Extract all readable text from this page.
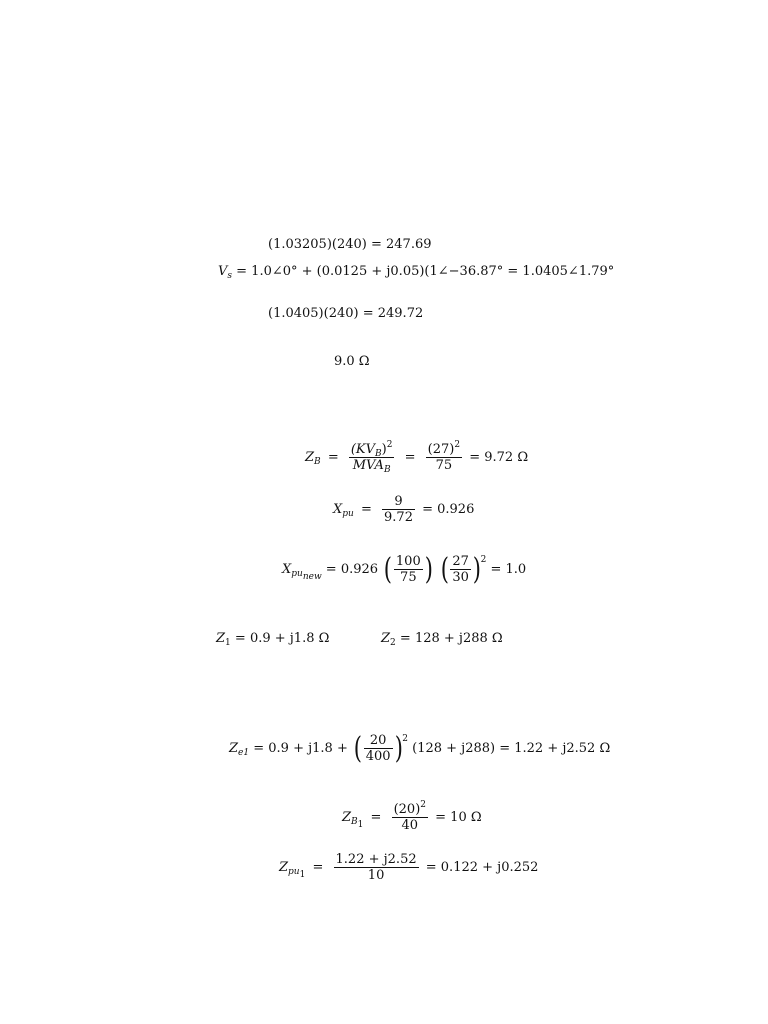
(1.03205)(240) = 247.69
$V_s$ = 1.0∠0° + (0.0125 + j0.05)(1∠−36.87° = 1.0405∠1.79°
(1.0405)(240) = 249.72
9.0 Ω
$Z_B = \frac{(KV_B)^2}{MVA_B} = \frac{(27)^2}{75} = 9.72$ Ω
$X_{pu} = \frac{9}{9.72} = 0.926$
$X_{pu_{new}} = 0.926$ ( $\frac{100}{75}$ ) ( $\frac{27}{30} )2 = 1.0$
$Z_1 = 0.9 + j1.8$ Ω	$Z_2 = 128 + j288$ Ω
$Z_{e1} = 0.9 + j1.8$ + ( $\frac{20}{400} )2$ (128 + j288) = 1.22 + j2.52 Ω
$Z_{B_1} = \frac{(20)^2}{40} = 10$ Ω
$Z_{pu_1} = \frac{1.22 + j2.52}{10} = 0.122 + j0.252$
